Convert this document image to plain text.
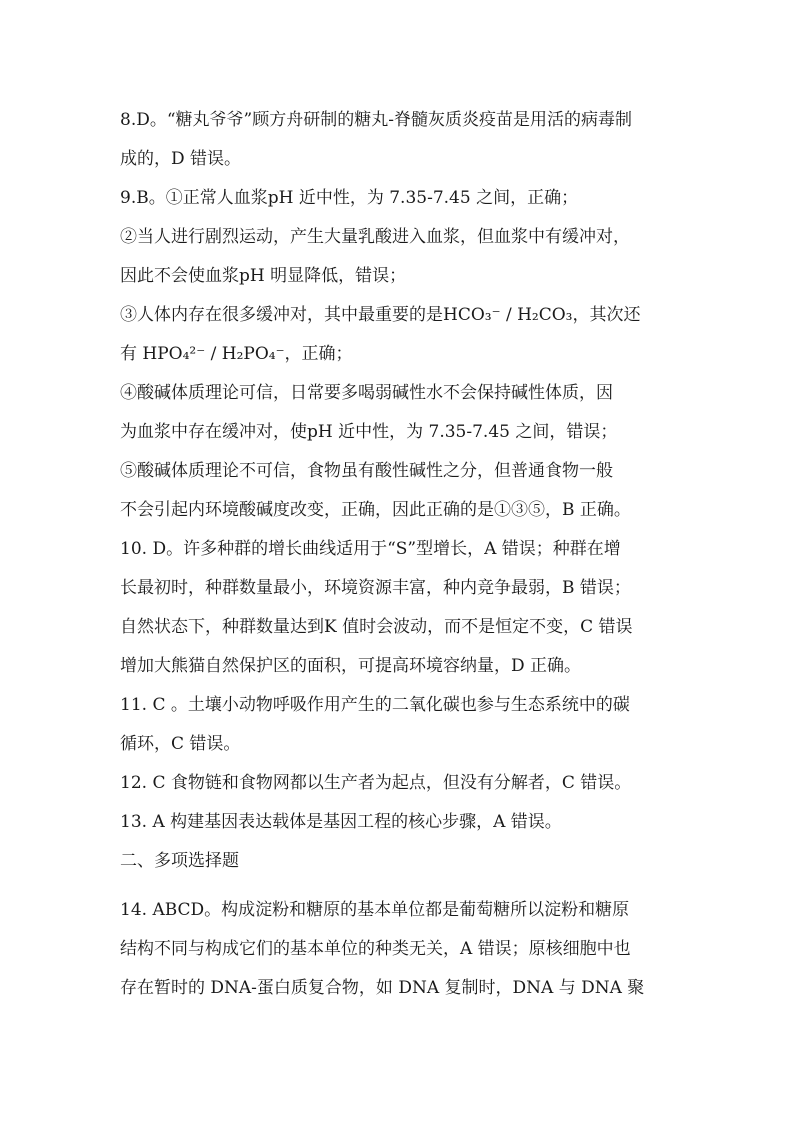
8.D。“糖丸爷爷”顾方舟研制的糖丸-脊髓灰质炎疫苗是用活的病毒制
成的，D 错误。
9.B。①正常人血浆pH 近中性，为 7.35-7.45 之间，正确；
②当人进行剧烈运动，产生大量乳酸进入血浆，但血浆中有缓冲对，
因此不会使血浆pH 明显降低，错误；
③人体内存在很多缓冲对，其中最重要的是HCO₃⁻ / H₂CO₃，其次还
有 HPO₄²⁻ / H₂PO₄⁻，正确；
④酸碱体质理论可信，日常要多喝弱碱性水不会保持碱性体质，因
为血浆中存在缓冲对，使pH 近中性，为 7.35-7.45 之间，错误；
⑤酸碱体质理论不可信，食物虽有酸性碱性之分，但普通食物一般
不会引起内环境酸碱度改变，正确，因此正确的是①③⑤，B 正确。
10. D。许多种群的增长曲线适用于“S”型增长，A 错误；种群在增
长最初时，种群数量最小，环境资源丰富，种内竞争最弱，B 错误；
自然状态下，种群数量达到K 值时会波动，而不是恒定不变，C 错误
增加大熊猫自然保护区的面积，可提高环境容纳量，D 正确。
11. C 。土壤小动物呼吸作用产生的二氧化碳也参与生态系统中的碳
循环，C 错误。
12. C 食物链和食物网都以生产者为起点，但没有分解者，C 错误。
13. A 构建基因表达载体是基因工程的核心步骤，A 错误。
二、多项选择题
14. ABCD。构成淀粉和糖原的基本单位都是葡萄糖所以淀粉和糖原
结构不同与构成它们的基本单位的种类无关，A 错误；原核细胞中也
存在暂时的 DNA-蛋白质复合物，如 DNA 复制时，DNA 与 DNA 聚
